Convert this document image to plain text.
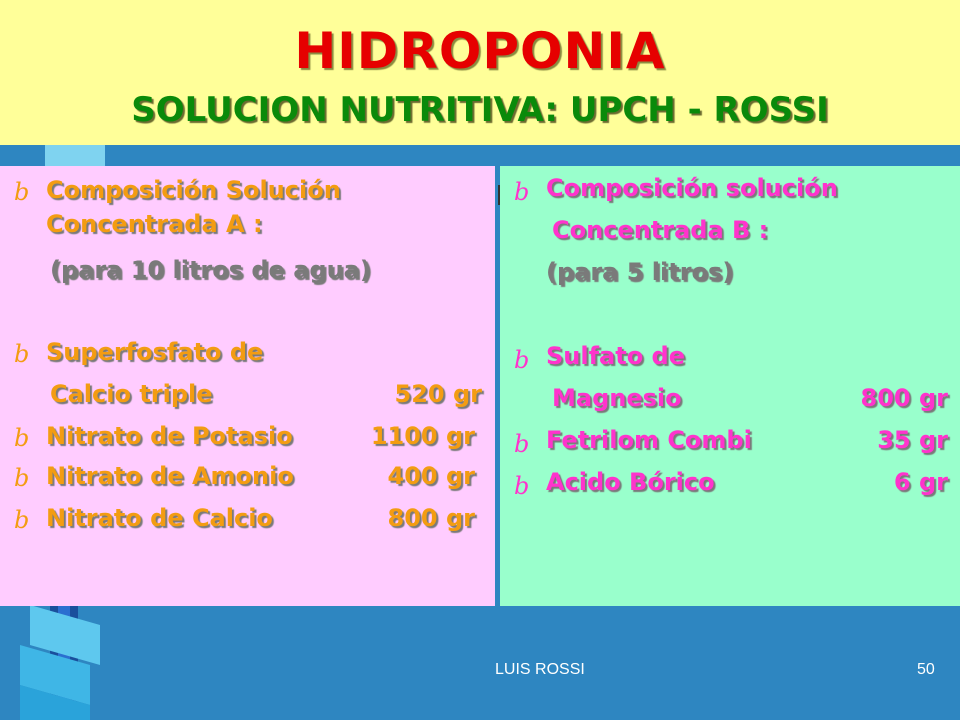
HIDROPONIA
SOLUCION NUTRITIVA: UPCH - ROSSI
b Composición Solución
Concentrada A :
(para 10 litros de agua)
b Superfosfato de
Calcio triple	520 gr
b Nitrato de Potasio	1100 gr
b Nitrato de Amonio	400 gr
b Nitrato de Calcio	800 gr
b Composición solución
Concentrada B :
(para 5 litros)
b Sulfato de
Magnesio	800 gr
b Fetrilom Combi	35 gr
b Acido Bórico	6 gr
LUIS ROSSI	50
